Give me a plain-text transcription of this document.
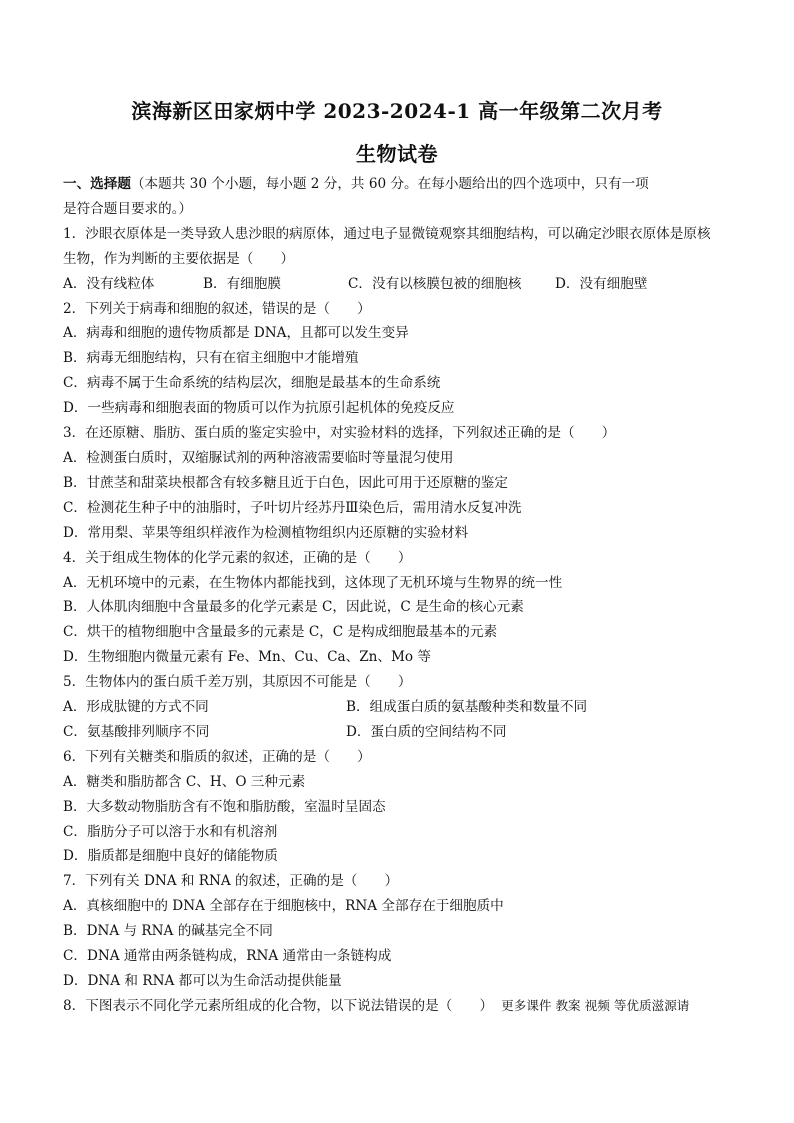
滨海新区田家炳中学 2023-2024-1 高一年级第二次月考
生物试卷
一、选择题（本题共 30 个小题，每小题 2 分，共 60 分。在每小题给出的四个选项中，只有一项
是符合题目要求的。）
1．沙眼衣原体是一类导致人患沙眼的病原体，通过电子显微镜观察其细胞结构，可以确定沙眼衣原体是原核
生物，作为判断的主要依据是（　　）
A．没有线粒体	B．有细胞膜	C．没有以核膜包被的细胞核	D．没有细胞壁
2．下列关于病毒和细胞的叙述，错误的是（　　）
A．病毒和细胞的遗传物质都是 DNA，且都可以发生变异
B．病毒无细胞结构，只有在宿主细胞中才能增殖
C．病毒不属于生命系统的结构层次，细胞是最基本的生命系统
D．一些病毒和细胞表面的物质可以作为抗原引起机体的免疫反应
3．在还原糖、脂肪、蛋白质的鉴定实验中，对实验材料的选择，下列叙述正确的是（　　）
A．检测蛋白质时，双缩脲试剂的两种溶液需要临时等量混匀使用
B．甘蔗茎和甜菜块根都含有较多糖且近于白色，因此可用于还原糖的鉴定
C．检测花生种子中的油脂时，子叶切片经苏丹Ⅲ染色后，需用清水反复冲洗
D．常用梨、苹果等组织样液作为检测植物组织内还原糖的实验材料
4．关于组成生物体的化学元素的叙述，正确的是（　　）
A．无机环境中的元素，在生物体内都能找到，这体现了无机环境与生物界的统一性
B．人体肌肉细胞中含量最多的化学元素是 C，因此说，C 是生命的核心元素
C．烘干的植物细胞中含量最多的元素是 C，C 是构成细胞最基本的元素
D．生物细胞内微量元素有 Fe、Mn、Cu、Ca、Zn、Mo 等
5．生物体内的蛋白质千差万别，其原因不可能是（　　）
A．形成肽键的方式不同	B．组成蛋白质的氨基酸种类和数量不同
C．氨基酸排列顺序不同	D．蛋白质的空间结构不同
6．下列有关糖类和脂质的叙述，正确的是（　　）
A．糖类和脂肪都含 C、H、O 三种元素
B．大多数动物脂肪含有不饱和脂肪酸，室温时呈固态
C．脂肪分子可以溶于水和有机溶剂
D．脂质都是细胞中良好的储能物质
7．下列有关 DNA 和 RNA 的叙述，正确的是（　　）
A．真核细胞中的 DNA 全部存在于细胞核中，RNA 全部存在于细胞质中
B．DNA 与 RNA 的碱基完全不同
C．DNA 通常由两条链构成，RNA 通常由一条链构成
D．DNA 和 RNA 都可以为生命活动提供能量
8．下图表示不同化学元素所组成的化合物，以下说法错误的是（　　） 更多课件 教案 视频 等优质滋源请
